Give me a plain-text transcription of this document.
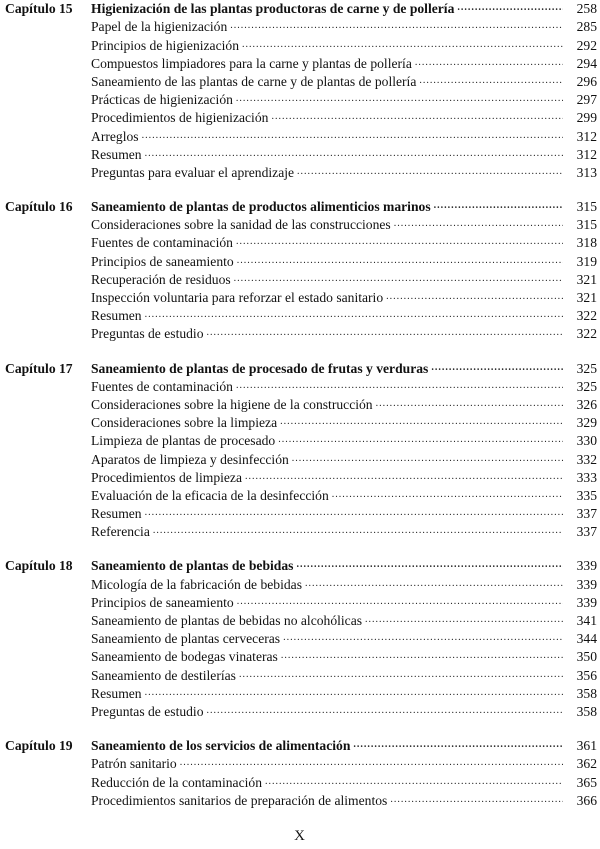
Capítulo 15	Higienización de las plantas productoras de carne y de pollería .....	258
Papel de la higienización .....	285
Principios de higienización .....	292
Compuestos limpiadores para la carne y plantas de pollería .....	294
Saneamiento de las plantas de carne y de plantas de pollería .....	296
Prácticas de higienización .....	297
Procedimientos de higienización .....	299
Arreglos .....	312
Resumen .....	312
Preguntas para evaluar el aprendizaje .....	313
Capítulo 16	Saneamiento de plantas de productos alimenticios marinos .....	315
Consideraciones sobre la sanidad de las construcciones .....	315
Fuentes de contaminación .....	318
Principios de saneamiento .....	319
Recuperación de residuos .....	321
Inspección voluntaria para reforzar el estado sanitario .....	321
Resumen .....	322
Preguntas de estudio .....	322
Capítulo 17	Saneamiento de plantas de procesado de frutas y verduras .....	325
Fuentes de contaminación .....	325
Consideraciones sobre la higiene de la construcción .....	326
Consideraciones sobre la limpieza .....	329
Limpieza de plantas de procesado .....	330
Aparatos de limpieza y desinfección .....	332
Procedimientos de limpieza .....	333
Evaluación de la eficacia de la desinfección .....	335
Resumen .....	337
Referencia .....	337
Capítulo 18	Saneamiento de plantas de bebidas .....	339
Micología de la fabricación de bebidas .....	339
Principios de saneamiento .....	339
Saneamiento de plantas de bebidas no alcohólicas .....	341
Saneamiento de plantas cerveceras .....	344
Saneamiento de bodegas vinateras .....	350
Saneamiento de destilerías .....	356
Resumen .....	358
Preguntas de estudio .....	358
Capítulo 19	Saneamiento de los servicios de alimentación .....	361
Patrón sanitario .....	362
Reducción de la contaminación .....	365
Procedimientos sanitarios de preparación de alimentos .....	366
X
